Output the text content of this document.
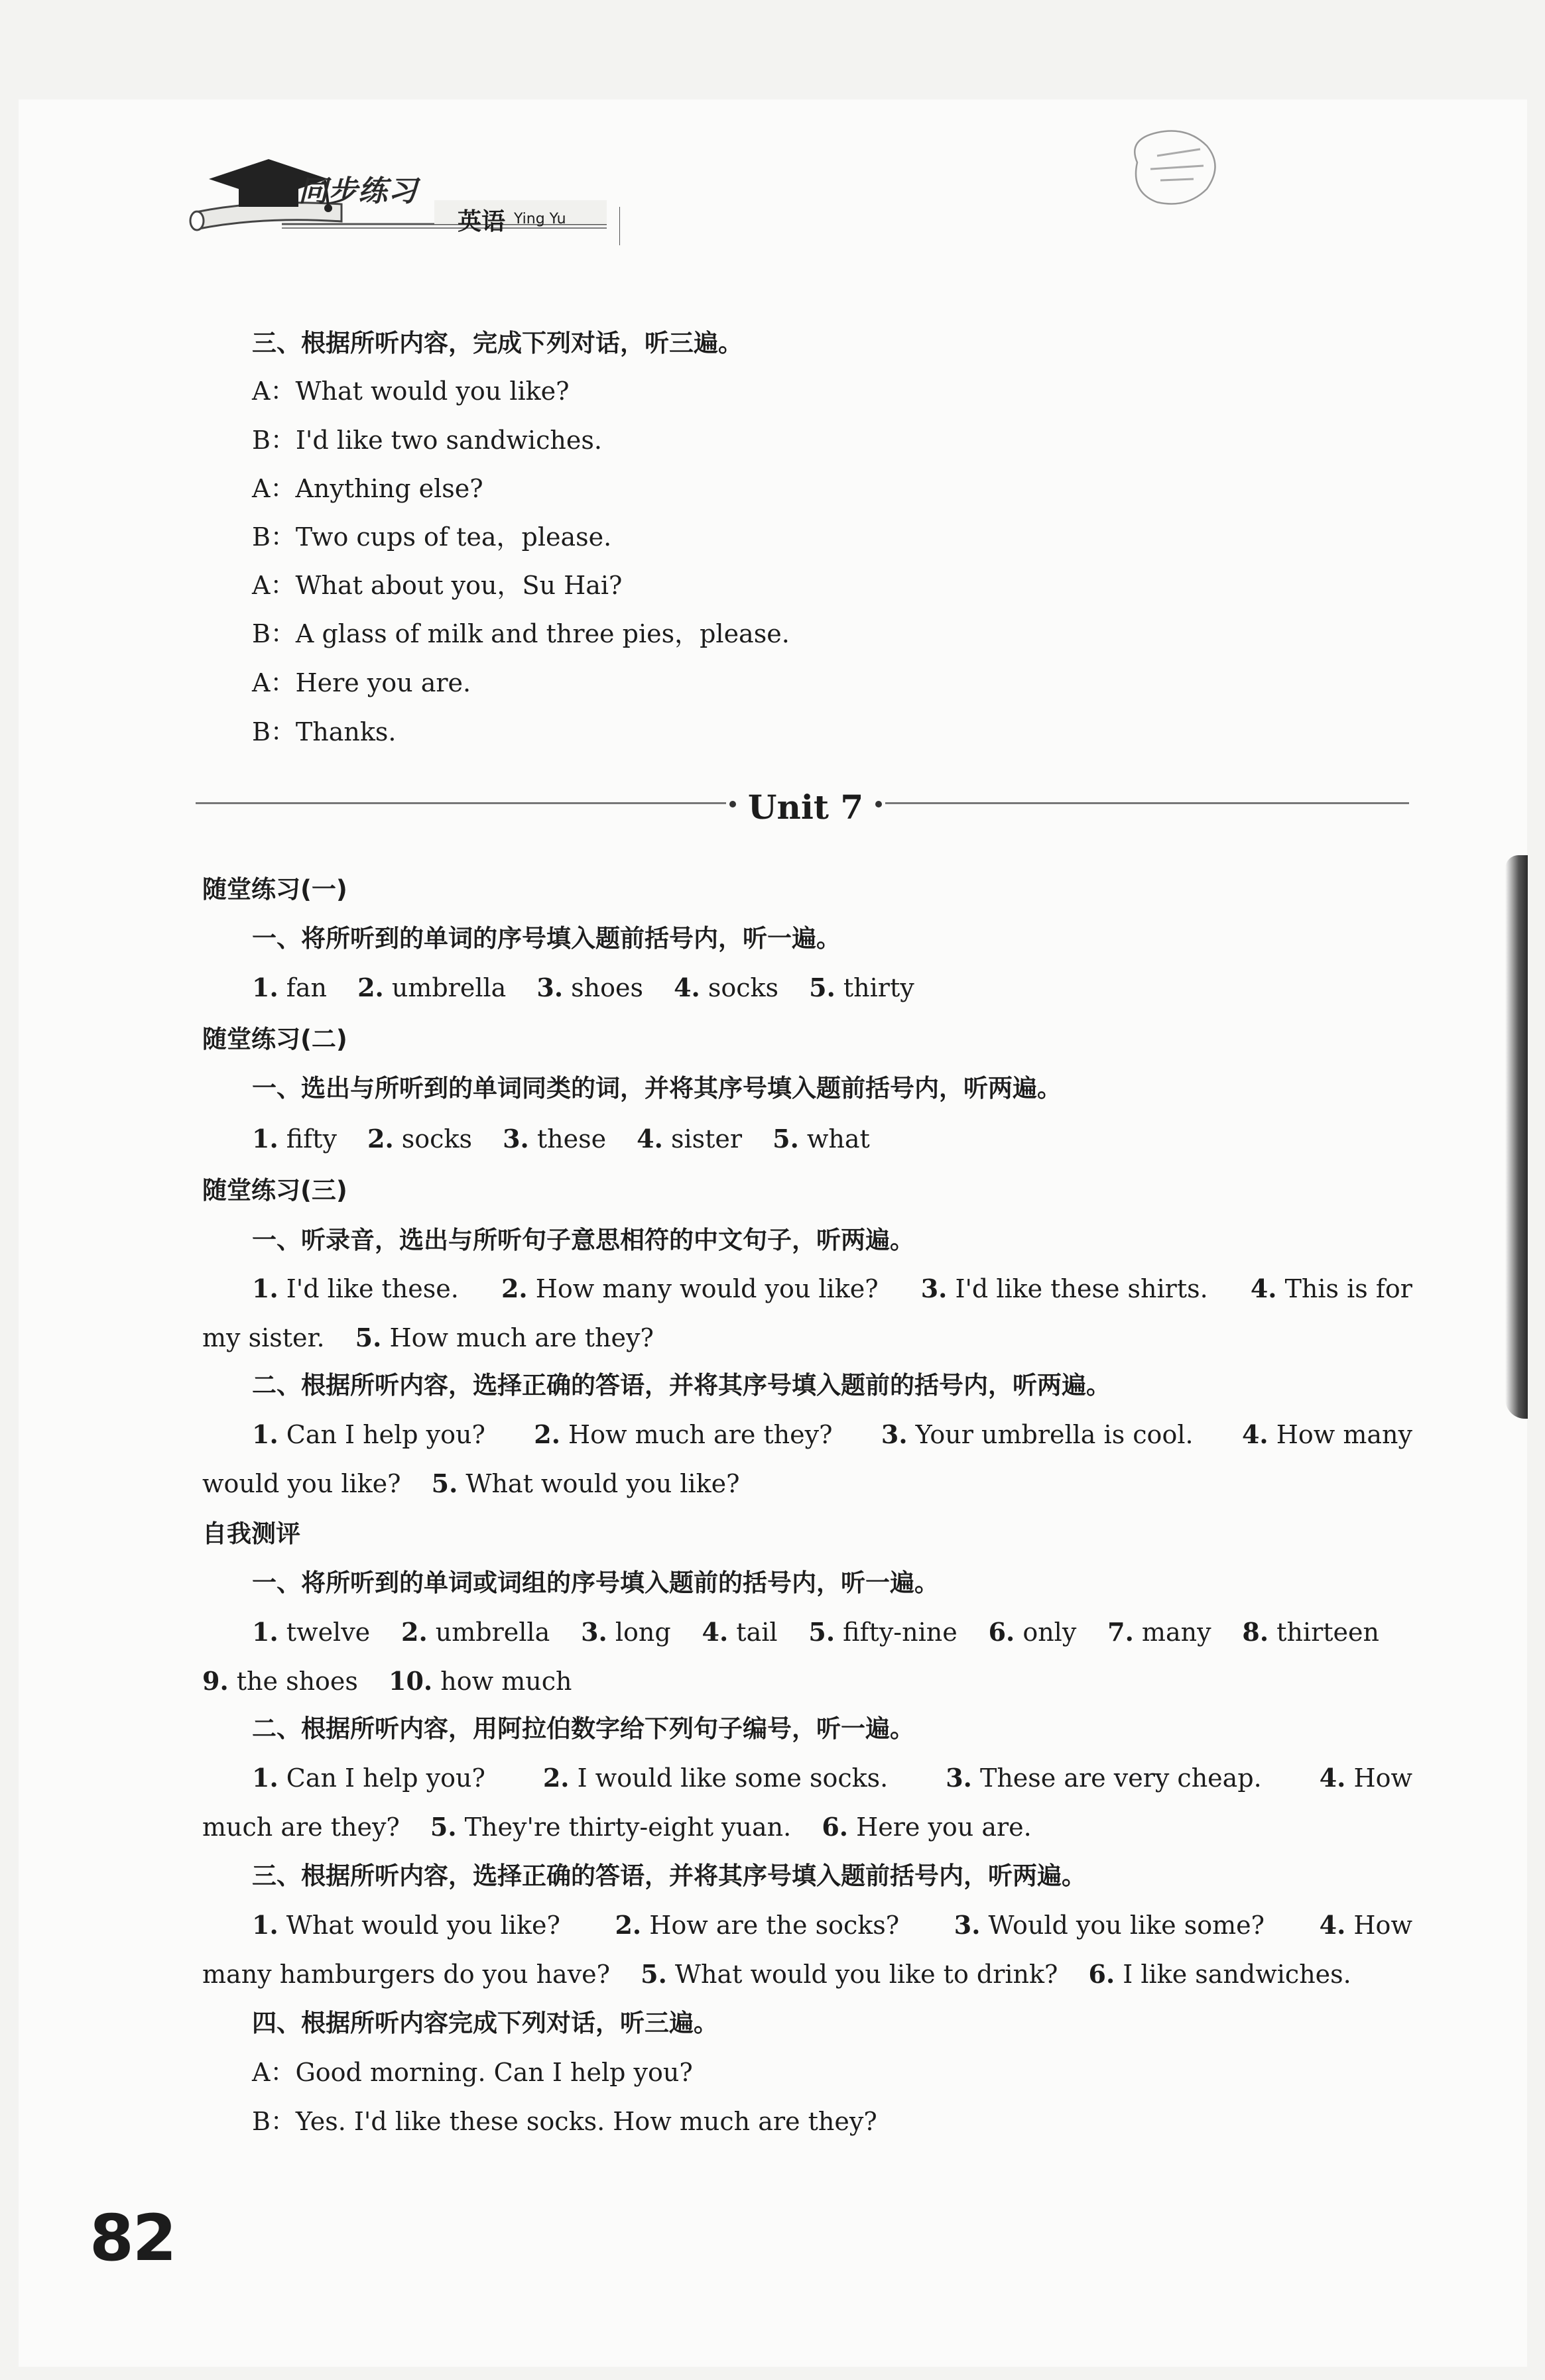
同步练习
英语 Ying Yu

三、根据所听内容，完成下列对话，听三遍。

A：What would you like?

B：I'd like two sandwiches.

A：Anything else?

B：Two cups of tea，please.

A：What about you，Su Hai?

B：A glass of milk and three pies，please.

A：Here you are.

B：Thanks.

Unit 7

随堂练习(一)

一、将所听到的单词的序号填入题前括号内，听一遍。

1. fan 2. umbrella 3. shoes 4. socks 5. thirty

随堂练习(二)

一、选出与所听到的单词同类的词，并将其序号填入题前括号内，听两遍。

1. fifty 2. socks 3. these 4. sister 5. what

随堂练习(三)

一、听录音，选出与所听句子意思相符的中文句子，听两遍。

1. I'd like these. 2. How many would you like? 3. I'd like these shirts. 4. This is for

my sister. 5. How much are they?

二、根据所听内容，选择正确的答语，并将其序号填入题前的括号内，听两遍。

1. Can I help you? 2. How much are they? 3. Your umbrella is cool. 4. How many

would you like? 5. What would you like?

自我测评

一、将所听到的单词或词组的序号填入题前的括号内，听一遍。

1. twelve 2. umbrella 3. long 4. tail 5. fifty-nine 6. only 7. many 8. thirteen

9. the shoes 10. how much

二、根据所听内容，用阿拉伯数字给下列句子编号，听一遍。

1. Can I help you? 2. I would like some socks. 3. These are very cheap. 4. How

much are they? 5. They're thirty-eight yuan. 6. Here you are.

三、根据所听内容，选择正确的答语，并将其序号填入题前括号内，听两遍。

1. What would you like? 2. How are the socks? 3. Would you like some? 4. How

many hamburgers do you have? 5. What would you like to drink? 6. I like sandwiches.

四、根据所听内容完成下列对话，听三遍。

A：Good morning. Can I help you?

B：Yes. I'd like these socks. How much are they?

82
